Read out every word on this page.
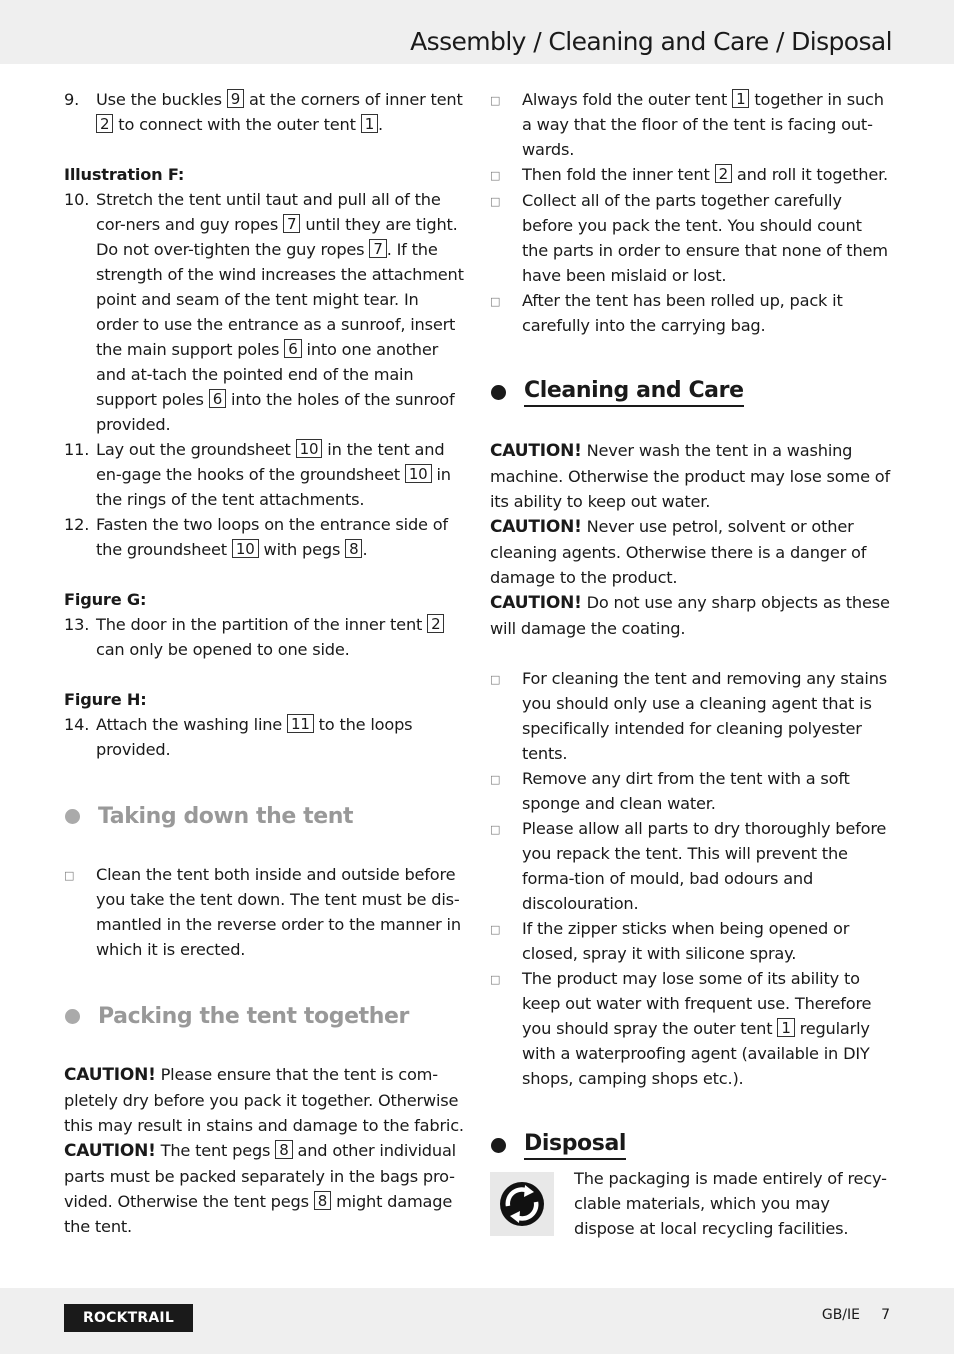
Assembly / Cleaning and Care / Disposal
9.	Use the buckles 9 at the corners of inner tent 2 to connect with the outer tent 1 .
Illustration F:
10. Stretch the tent until taut and pull all of the cor-ners and guy ropes 7 until they are tight. Do not over-tighten the guy ropes 7 . If the strength of the wind increases the attachment point and seam of the tent might tear. In order to use the entrance as a sunroof, insert the main support poles 6 into one another and at-tach the pointed end of the main support poles 6 into the holes of the sunroof provided.
11. Lay out the groundsheet 10 in the tent and en-gage the hooks of the groundsheet 10 in the rings of the tent attachments.
12. Fasten the two loops on the entrance side of the groundsheet 10 with pegs 8 .
Figure G:
13. The door in the partition of the inner tent 2 can only be opened to one side.
Figure H:
14. Attach the washing line 11 to the loops provided.
Taking down the tent
□	Clean the tent both inside and outside before you take the tent down. The tent must be dis-mantled in the reverse order to the manner in which it is erected.
Packing the tent together
CAUTION! Please ensure that the tent is com-pletely dry before you pack it together. Otherwise this may result in stains and damage to the fabric.
CAUTION! The tent pegs 8 and other individual parts must be packed separately in the bags pro-vided. Otherwise the tent pegs 8 might damage the tent.
□	Always fold the outer tent 1 together in such a way that the floor of the tent is facing out-wards.
□	Then fold the inner tent 2 and roll it together.
□	Collect all of the parts together carefully before you pack the tent. You should count the parts in order to ensure that none of them have been mislaid or lost.
□	After the tent has been rolled up, pack it carefully into the carrying bag.
Cleaning and Care
CAUTION! Never wash the tent in a washing machine. Otherwise the product may lose some of its ability to keep out water.
CAUTION! Never use petrol, solvent or other cleaning agents. Otherwise there is a danger of damage to the product.
CAUTION! Do not use any sharp objects as these will damage the coating.
□	For cleaning the tent and removing any stains you should only use a cleaning agent that is specifically intended for cleaning polyester tents.
□	Remove any dirt from the tent with a soft sponge and clean water.
□	Please allow all parts to dry thoroughly before you repack the tent. This will prevent the forma-tion of mould, bad odours and discolouration.
□	If the zipper sticks when being opened or closed, spray it with silicone spray.
□	The product may lose some of its ability to keep out water with frequent use. Therefore you should spray the outer tent 1 regularly with a waterproofing agent (available in DIY shops, camping shops etc.).
Disposal
The packaging is made entirely of recy-clable materials, which you may dispose at local recycling facilities.
ROCKTRAIL	GB/IE 7
